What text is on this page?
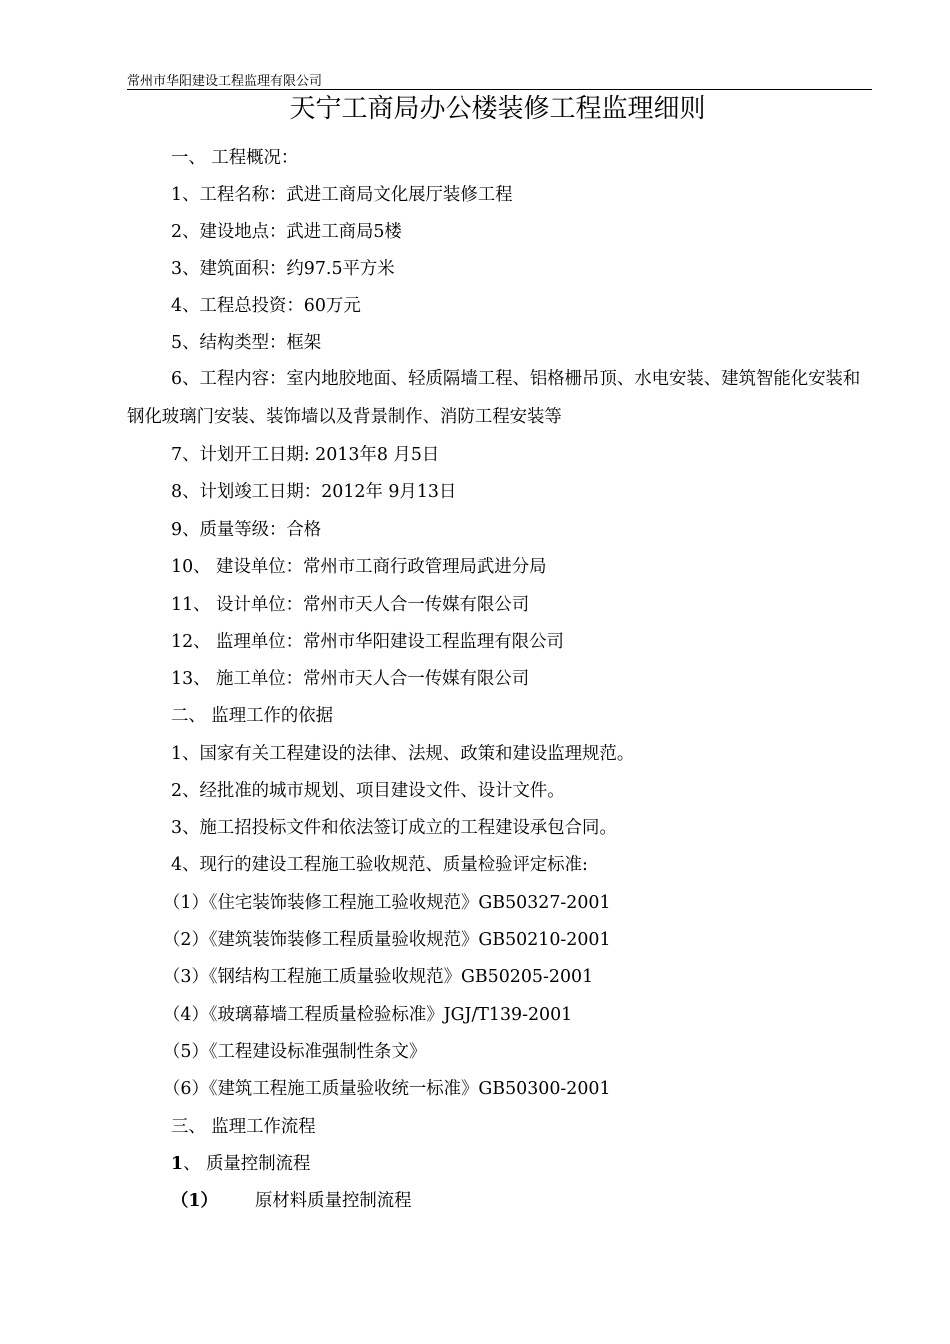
常州市华阳建设工程监理有限公司
天宁工商局办公楼装修工程监理细则
一、 工程概况：
1、工程名称：武进工商局文化展厅装修工程
2、建设地点：武进工商局5楼
3、建筑面积：约97.5平方米
4、工程总投资：60万元
5、结构类型：框架
6、工程内容：室内地胶地面、轻质隔墙工程、铝格栅吊顶、水电安装、建筑智能化安装和钢化玻璃门安装、装饰墙以及背景制作、消防工程安装等
7、计划开工日期: 2013年8 月5日
8、计划竣工日期：2012年 9月13日
9、质量等级：合格
10、 建设单位：常州市工商行政管理局武进分局
11、 设计单位：常州市天人合一传媒有限公司
12、 监理单位：常州市华阳建设工程监理有限公司
13、 施工单位：常州市天人合一传媒有限公司
二、 监理工作的依据
1、国家有关工程建设的法律、法规、政策和建设监理规范。
2、经批准的城市规划、项目建设文件、设计文件。
3、施工招投标文件和依法签订成立的工程建设承包合同。
4、现行的建设工程施工验收规范、质量检验评定标准:
（1）《住宅装饰装修工程施工验收规范》GB50327-2001
（2）《建筑装饰装修工程质量验收规范》GB50210-2001
（3）《钢结构工程施工质量验收规范》GB50205-2001
（4）《玻璃幕墙工程质量检验标准》JGJ/T139-2001
（5）《工程建设标准强制性条文》
（6）《建筑工程施工质量验收统一标准》GB50300-2001
三、 监理工作流程
1、 质量控制流程
（1） 原材料质量控制流程
